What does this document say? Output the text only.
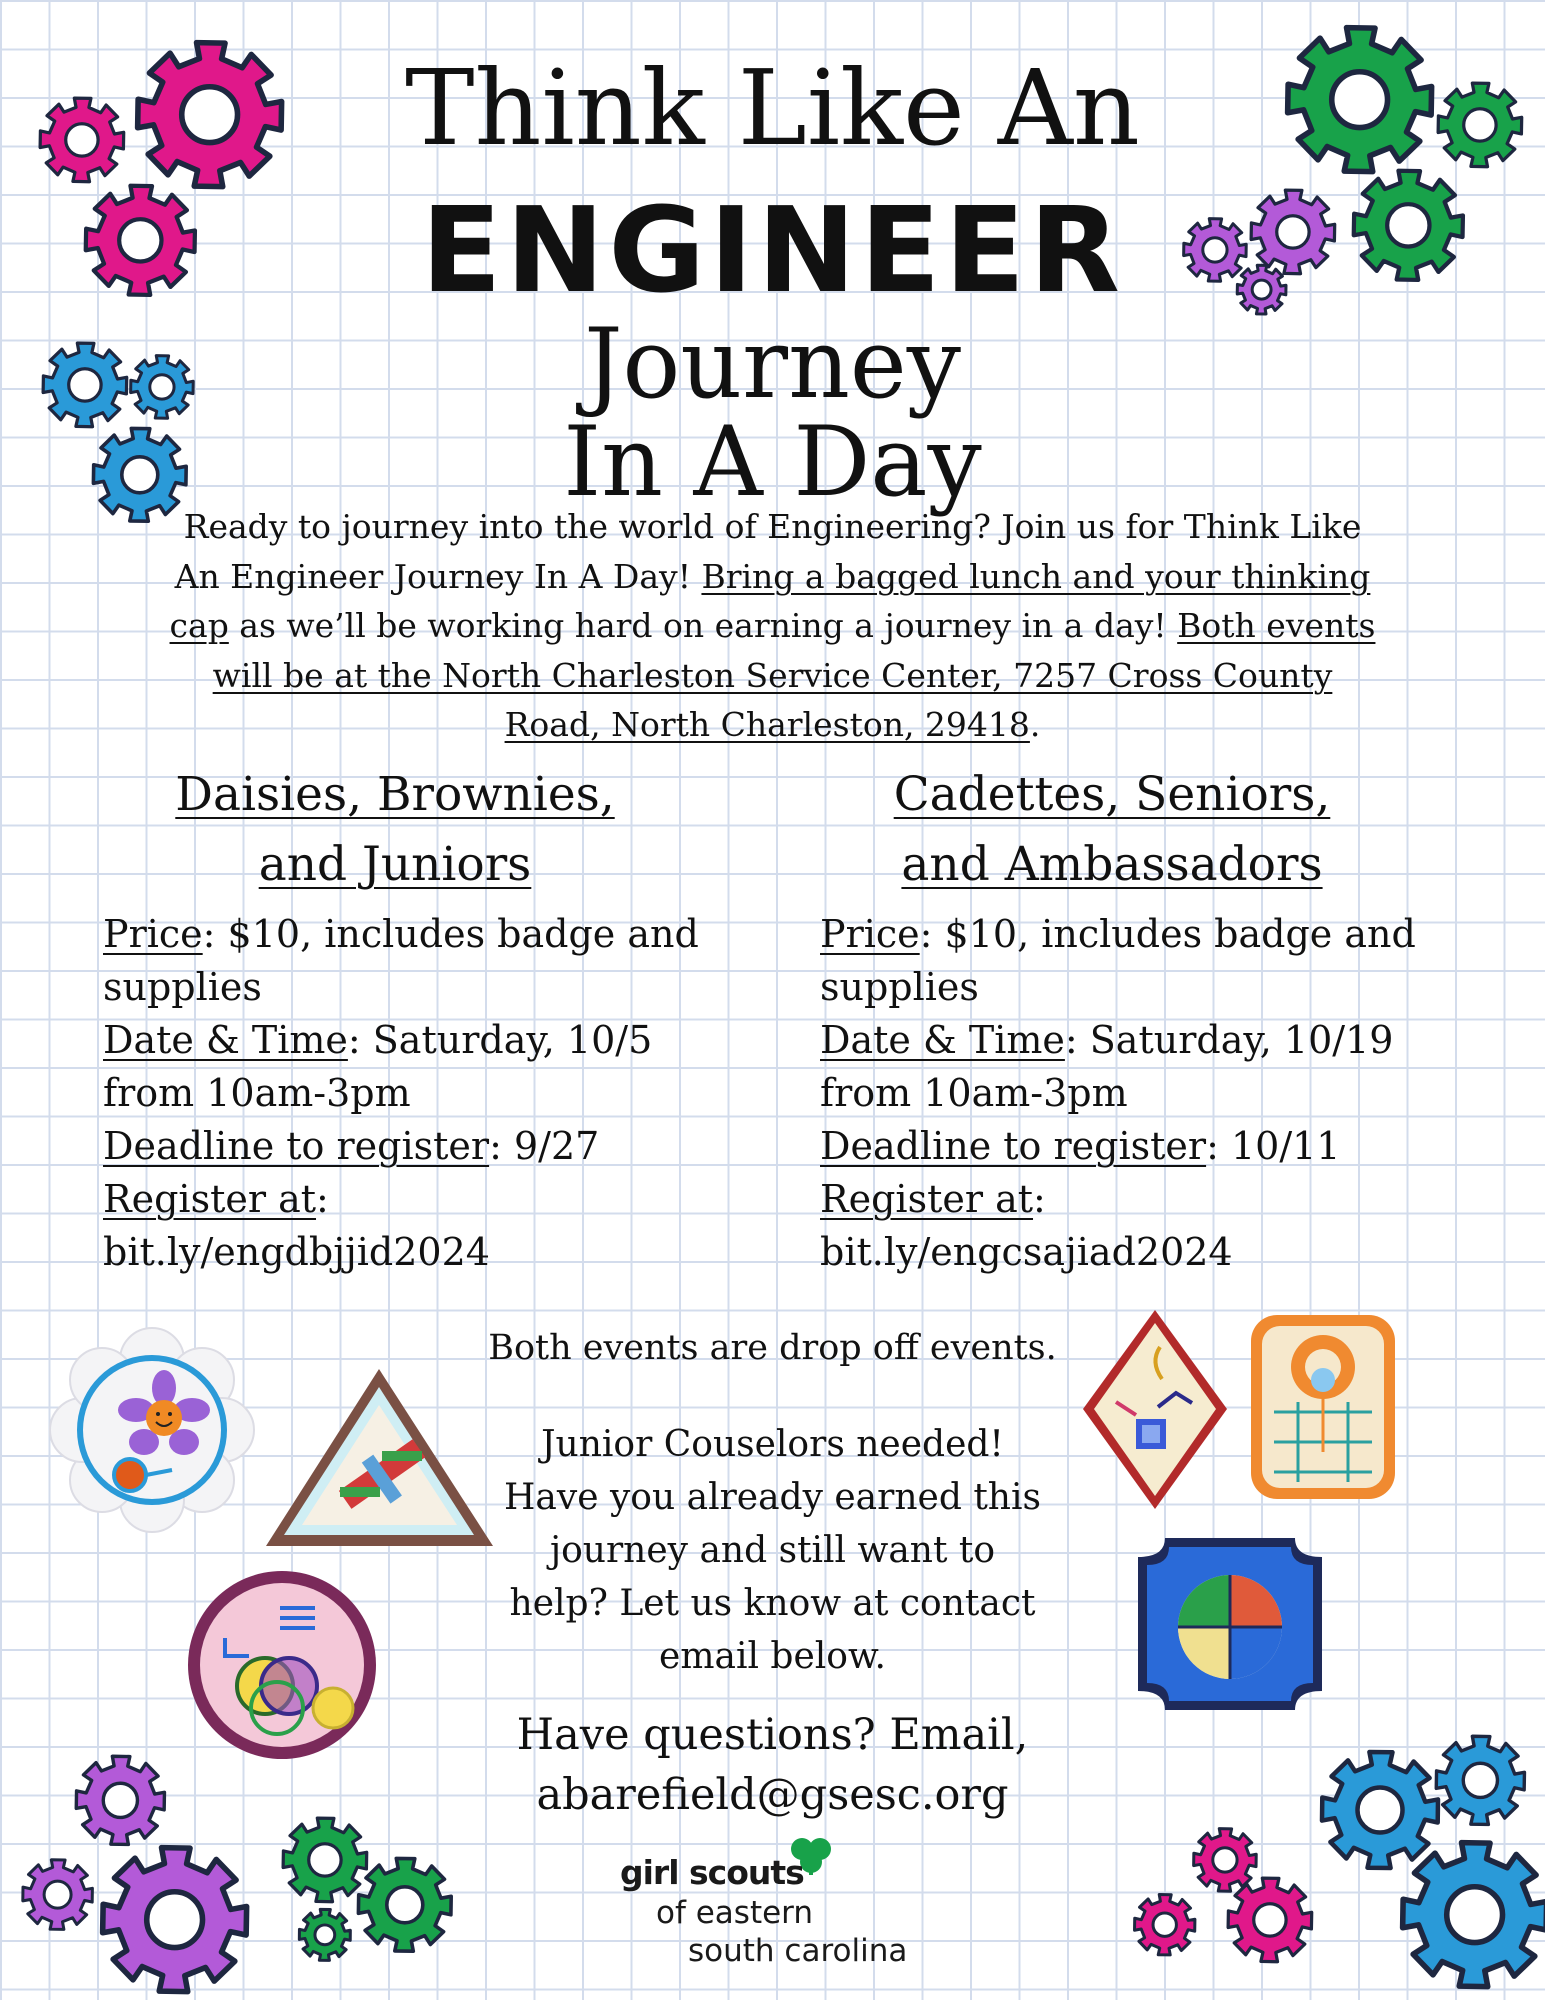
Think Like An
ENGINEER
Journey
In A Day
Ready to journey into the world of Engineering? Join us for Think Like An Engineer Journey In A Day! Bring a bagged lunch and your thinking cap as we’ll be working hard on earning a journey in a day! Both events will be at the North Charleston Service Center, 7257 Cross County Road, North Charleston, 29418.
Daisies, Brownies,
and Juniors
Price: $10, includes badge and supplies
Date & Time: Saturday, 10/5 from 10am-3pm
Deadline to register: 9/27
Register at:
bit.ly/engdbjjid2024
Cadettes, Seniors,
and Ambassadors
Price: $10, includes badge and supplies
Date & Time: Saturday, 10/19 from 10am-3pm
Deadline to register: 10/11
Register at:
bit.ly/engcsajiad2024
Both events are drop off events.
Junior Couselors needed! Have you already earned this journey and still want to help? Let us know at contact email below.
Have questions? Email,
abarefield@gsesc.org
girl scouts
of eastern
south carolina
